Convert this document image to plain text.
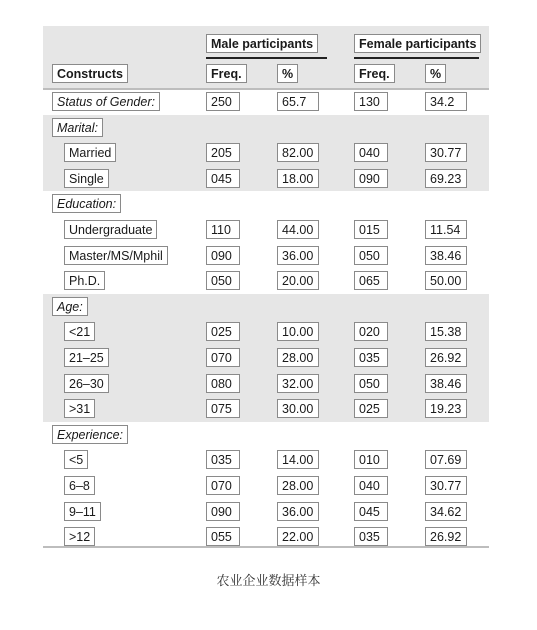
Male participants	Female participants
Constructs	Freq.	%	Freq.	%
Status of Gender:	250	65.7	130	34.2
Marital:
Married	205	82.00	040	30.77
Single	045	18.00	090	69.23
Education:
Undergraduate	110	44.00	015	11.54
Master/MS/Mphil	090	36.00	050	38.46
Ph.D.	050	20.00	065	50.00
Age:
<21	025	10.00	020	15.38
21–25	070	28.00	035	26.92
26–30	080	32.00	050	38.46
>31	075	30.00	025	19.23
Experience:
<5	035	14.00	010	07.69
6–8	070	28.00	040	30.77
9–11	090	36.00	045	34.62
>12	055	22.00	035	26.92
农业企业数据样本
